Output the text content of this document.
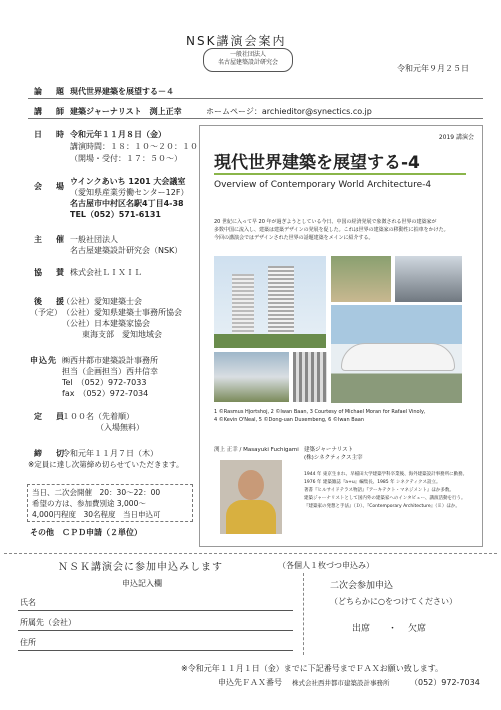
NSK講演会案内
一般社団法人
名古屋建築設計研究会
令和元年９月２５日
論　題 現代世界建築を展望する－４
講　師 建築ジャーナリスト　渕上正幸	ホームページ：archieditor@synectics.co.jp
日　時 令和元年１１月８日（金）
講演時間：１８：１０～２０：１０
（開場・受付：１７：５０～）
会　場
ウインクあいち 1201 大会議室
（愛知県産業労働センター12F）
名古屋市中村区名駅4丁目4-38
TEL（052）571-6131
主　催 一般社団法人
名古屋建築設計研究会（NSK）
協　賛 株式会社ＬＩＸＩＬ
後　援
（予定）
（公社）愛知建築士会
（公社）愛知県建築士事務所協会
（公社）日本建築家協会
東海支部　愛知地域会
申込先 ㈱西井都市建築設計事務所
担当（企画担当）西井信幸
Tel　（052）972-7033
fax　（052）972-7034
定　員
１００名（先着順）
（入場無料）
締　切
令和元年１１月７日（木）
※定員に達し次第締め切らせていただきます。
当日、二次会開催　20：30～22：00
希望の方は、参加費別途 3,000～
4,000円程度　30名程度　当日申込可
その他 ＣＰＤ申請（２単位）
2019 講演会
現代世界建築を展望する-4
Overview of Contemporary World Architecture-4
20 世紀に入って早 20 年が過ぎようとしている今日、中国の経済発展で象徴される世界の建築家が
多数中国に流入し、建築は建築デザインの発展を促した。これは世界の建築家の移動性に拍車をかけた。
今回の講演会ではデザインされた世界の話題建築をメインに紹介する。
1 ©Rasmus Hjortshoj, 2 ©Iwan Baan, 3 Courtesy of Michael Moran for Rafael Vinoly,
4 ©Kevin O'Neal, 5 ©Dong-uan Duxembeng, 6 ©Iwan Baan
渕上 正幸 / Masayuki Fuchigami 建築ジャーナリスト
(株)シネクティクス主宰
1944 年 東京生まれ、早稲田大学建築学科卒業後、海外建築設計事務所に勤務。
1976 年 建築雑誌『a+u』編集長、1985 年 シネクティクス設立。
著書『ヒルサイドテラス物語』『アーキテクト・マネジメント』ほか多数。
建築ジャーナリストとして国内外の建築家へのインタビュー、講演活動を行う。
『建築家の発想と手法』（Ｄ）、『Contemporary Architecture』（Ｅ）ほか。
ＮＳＫ講演会に参加申込みします	（各個人１枚づつ申込み）
申込記入欄
氏名
所属先（会社）
住所
二次会参加申込
（どちらかに○をつけてください）
出席 ・ 欠席
※令和元年１１月１日（金）までに下記番号までＦＡＸお願い致します。
申込先ＦＡＸ番号 株式会社西井都市建築設計事務所	（052）972-7034
